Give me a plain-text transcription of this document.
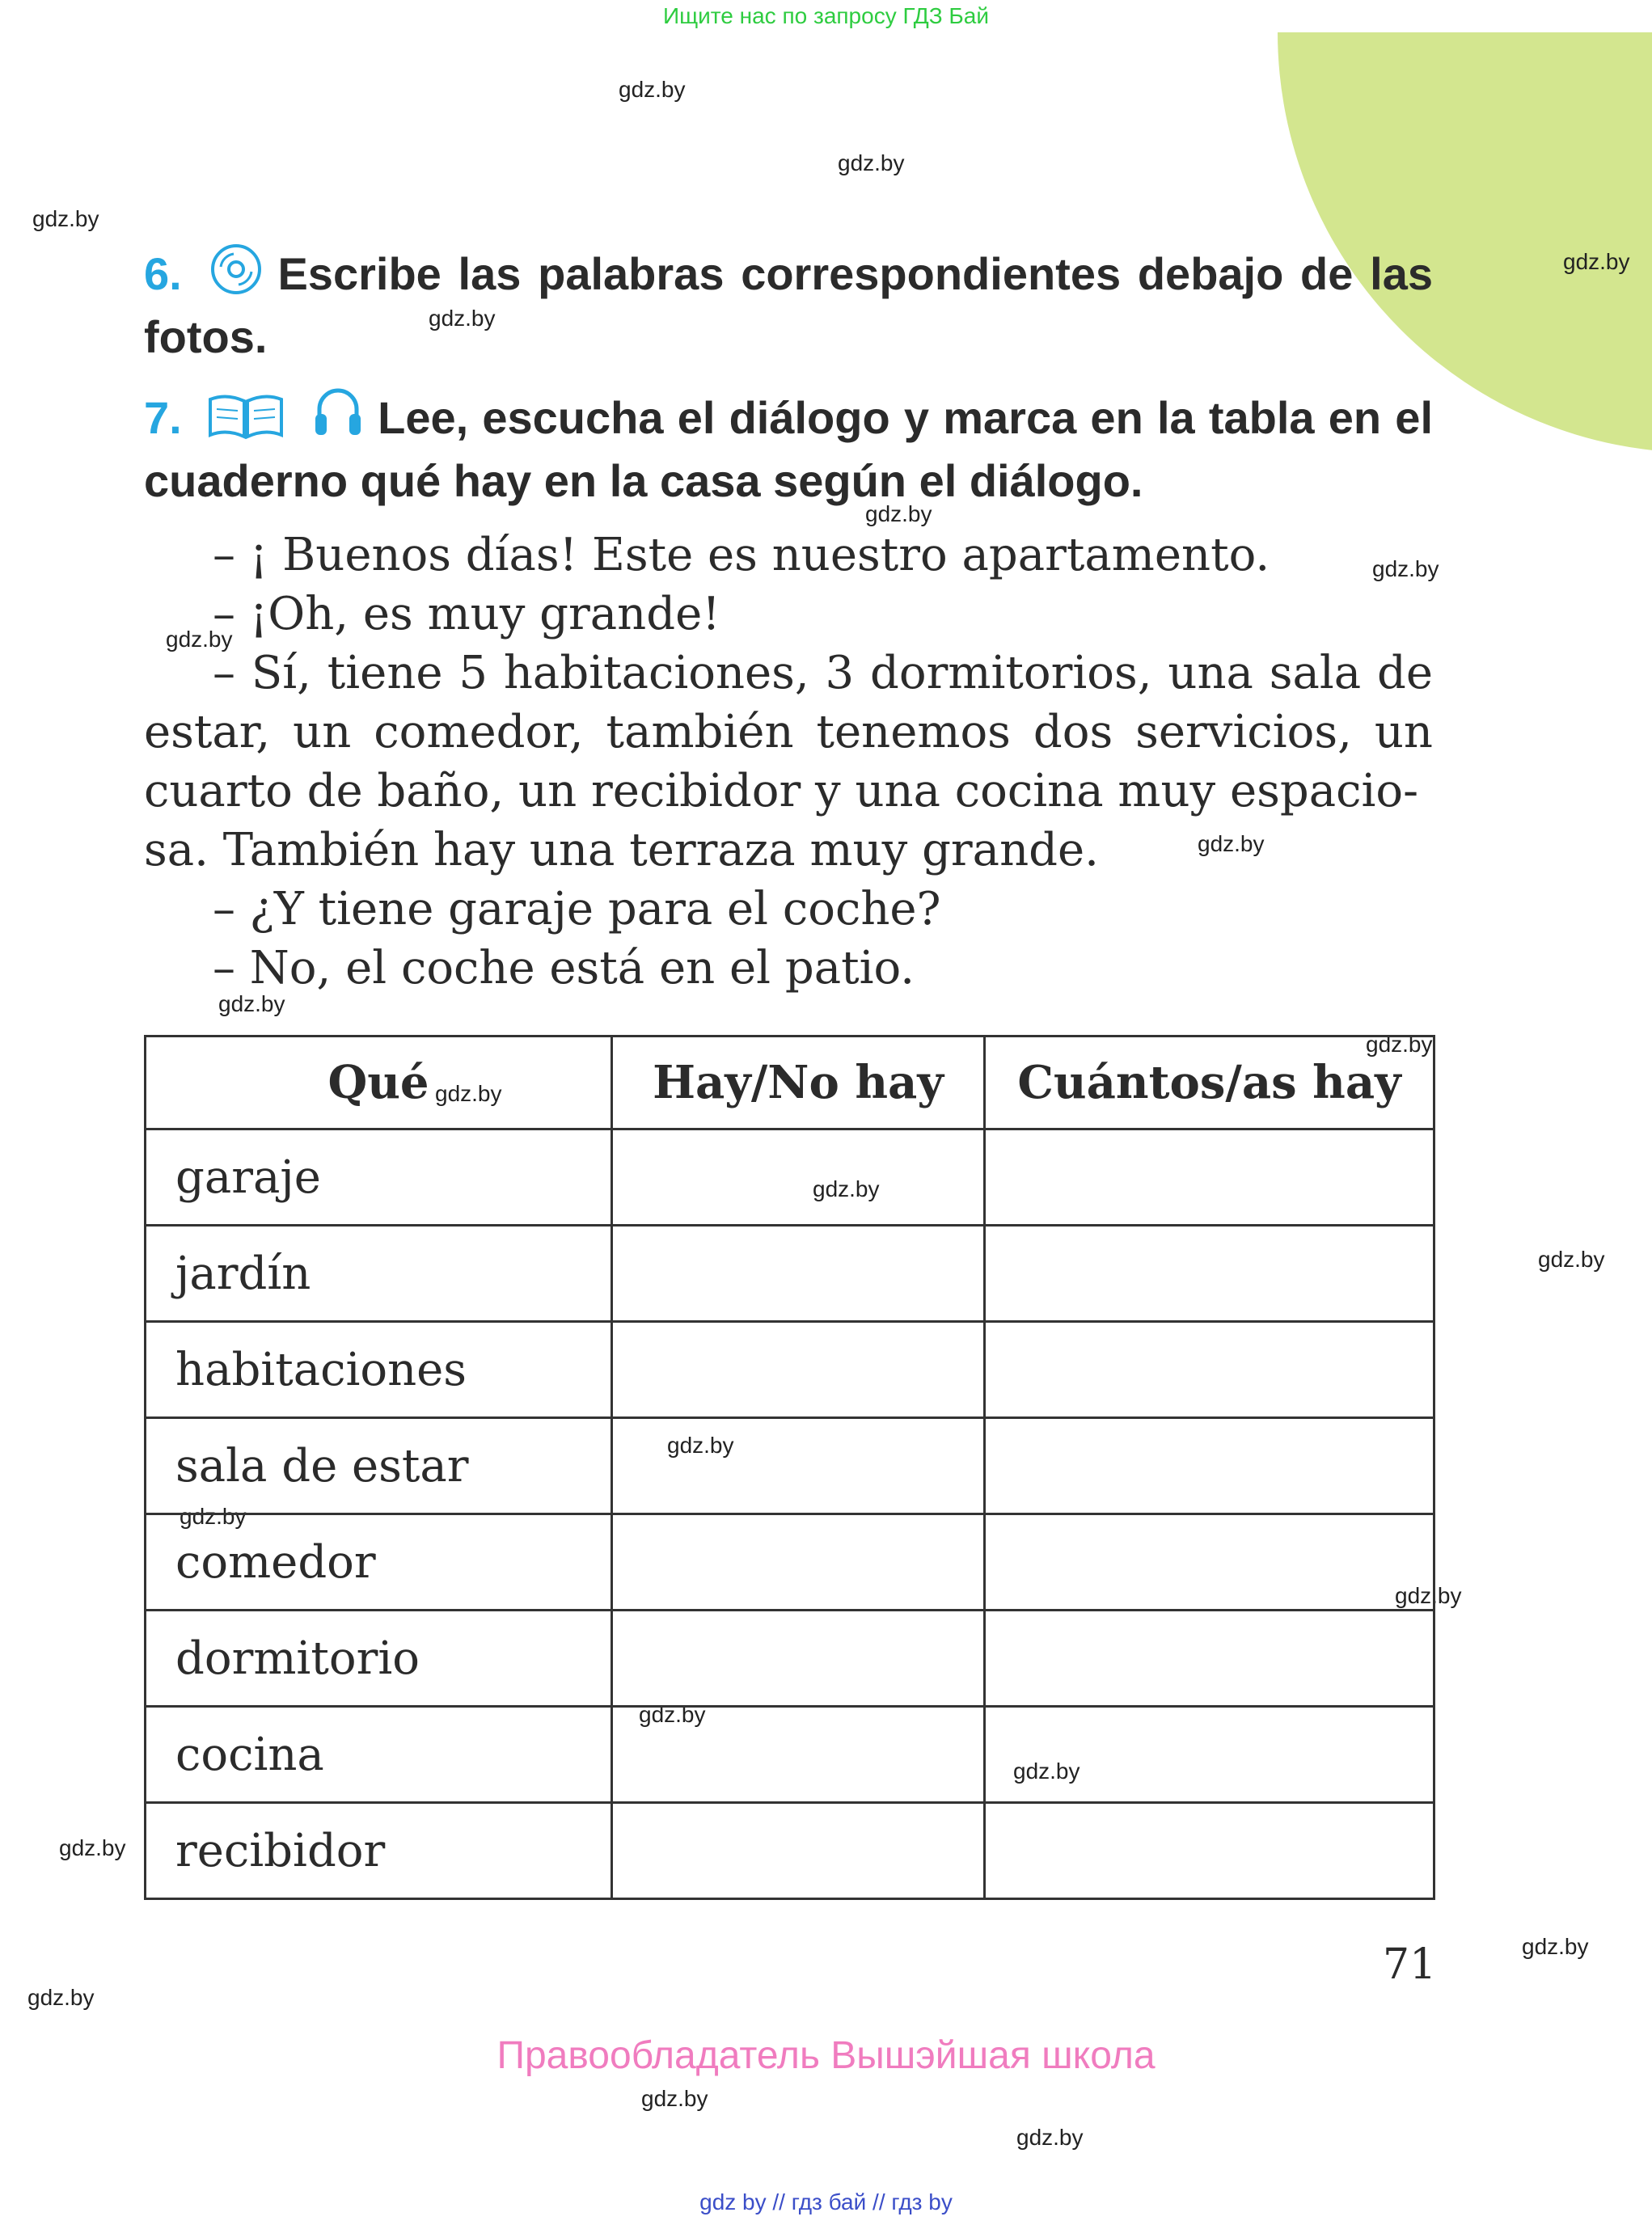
Ищите нас по запросу ГДЗ Бай
gdz.by
gdz.by
gdz.by
gdz.by
gdz.by
gdz.by
gdz.by
gdz.by
gdz.by
gdz.by
gdz.by
gdz.by
gdz.by
gdz.by
gdz.by
gdz.by
gdz.by
gdz.by
gdz.by
gdz.by
gdz.by
gdz.by
gdz.by
gdz.by
6. Escribe las palabras correspondientes debajo de las fotos.
7.	Lee, escucha el diálogo y marca en la tabla en el cuaderno qué hay en la casa según el diálogo.

– ¡ Buenos días! Este es nuestro apartamento.

– ¡Oh, es muy grande!

– Sí, tiene 5 habitaciones, 3 dormitorios, una sala de estar, un comedor, también tenemos dos servicios, un cuarto de baño, un recibidor y una cocina muy espacio-

sa. También hay una terraza muy grande.

– ¿Y tiene garaje para el coche?

– No, el coche está en el patio.

Qué	Hay/No hay	Cuántos/as hay
garaje		
jardín		
habitaciones		
sala de estar		
comedor		
dormitorio		
cocina		
recibidor		
71
Правообладатель Вышэйшая школа
gdz by // гдз бай // гдз by
